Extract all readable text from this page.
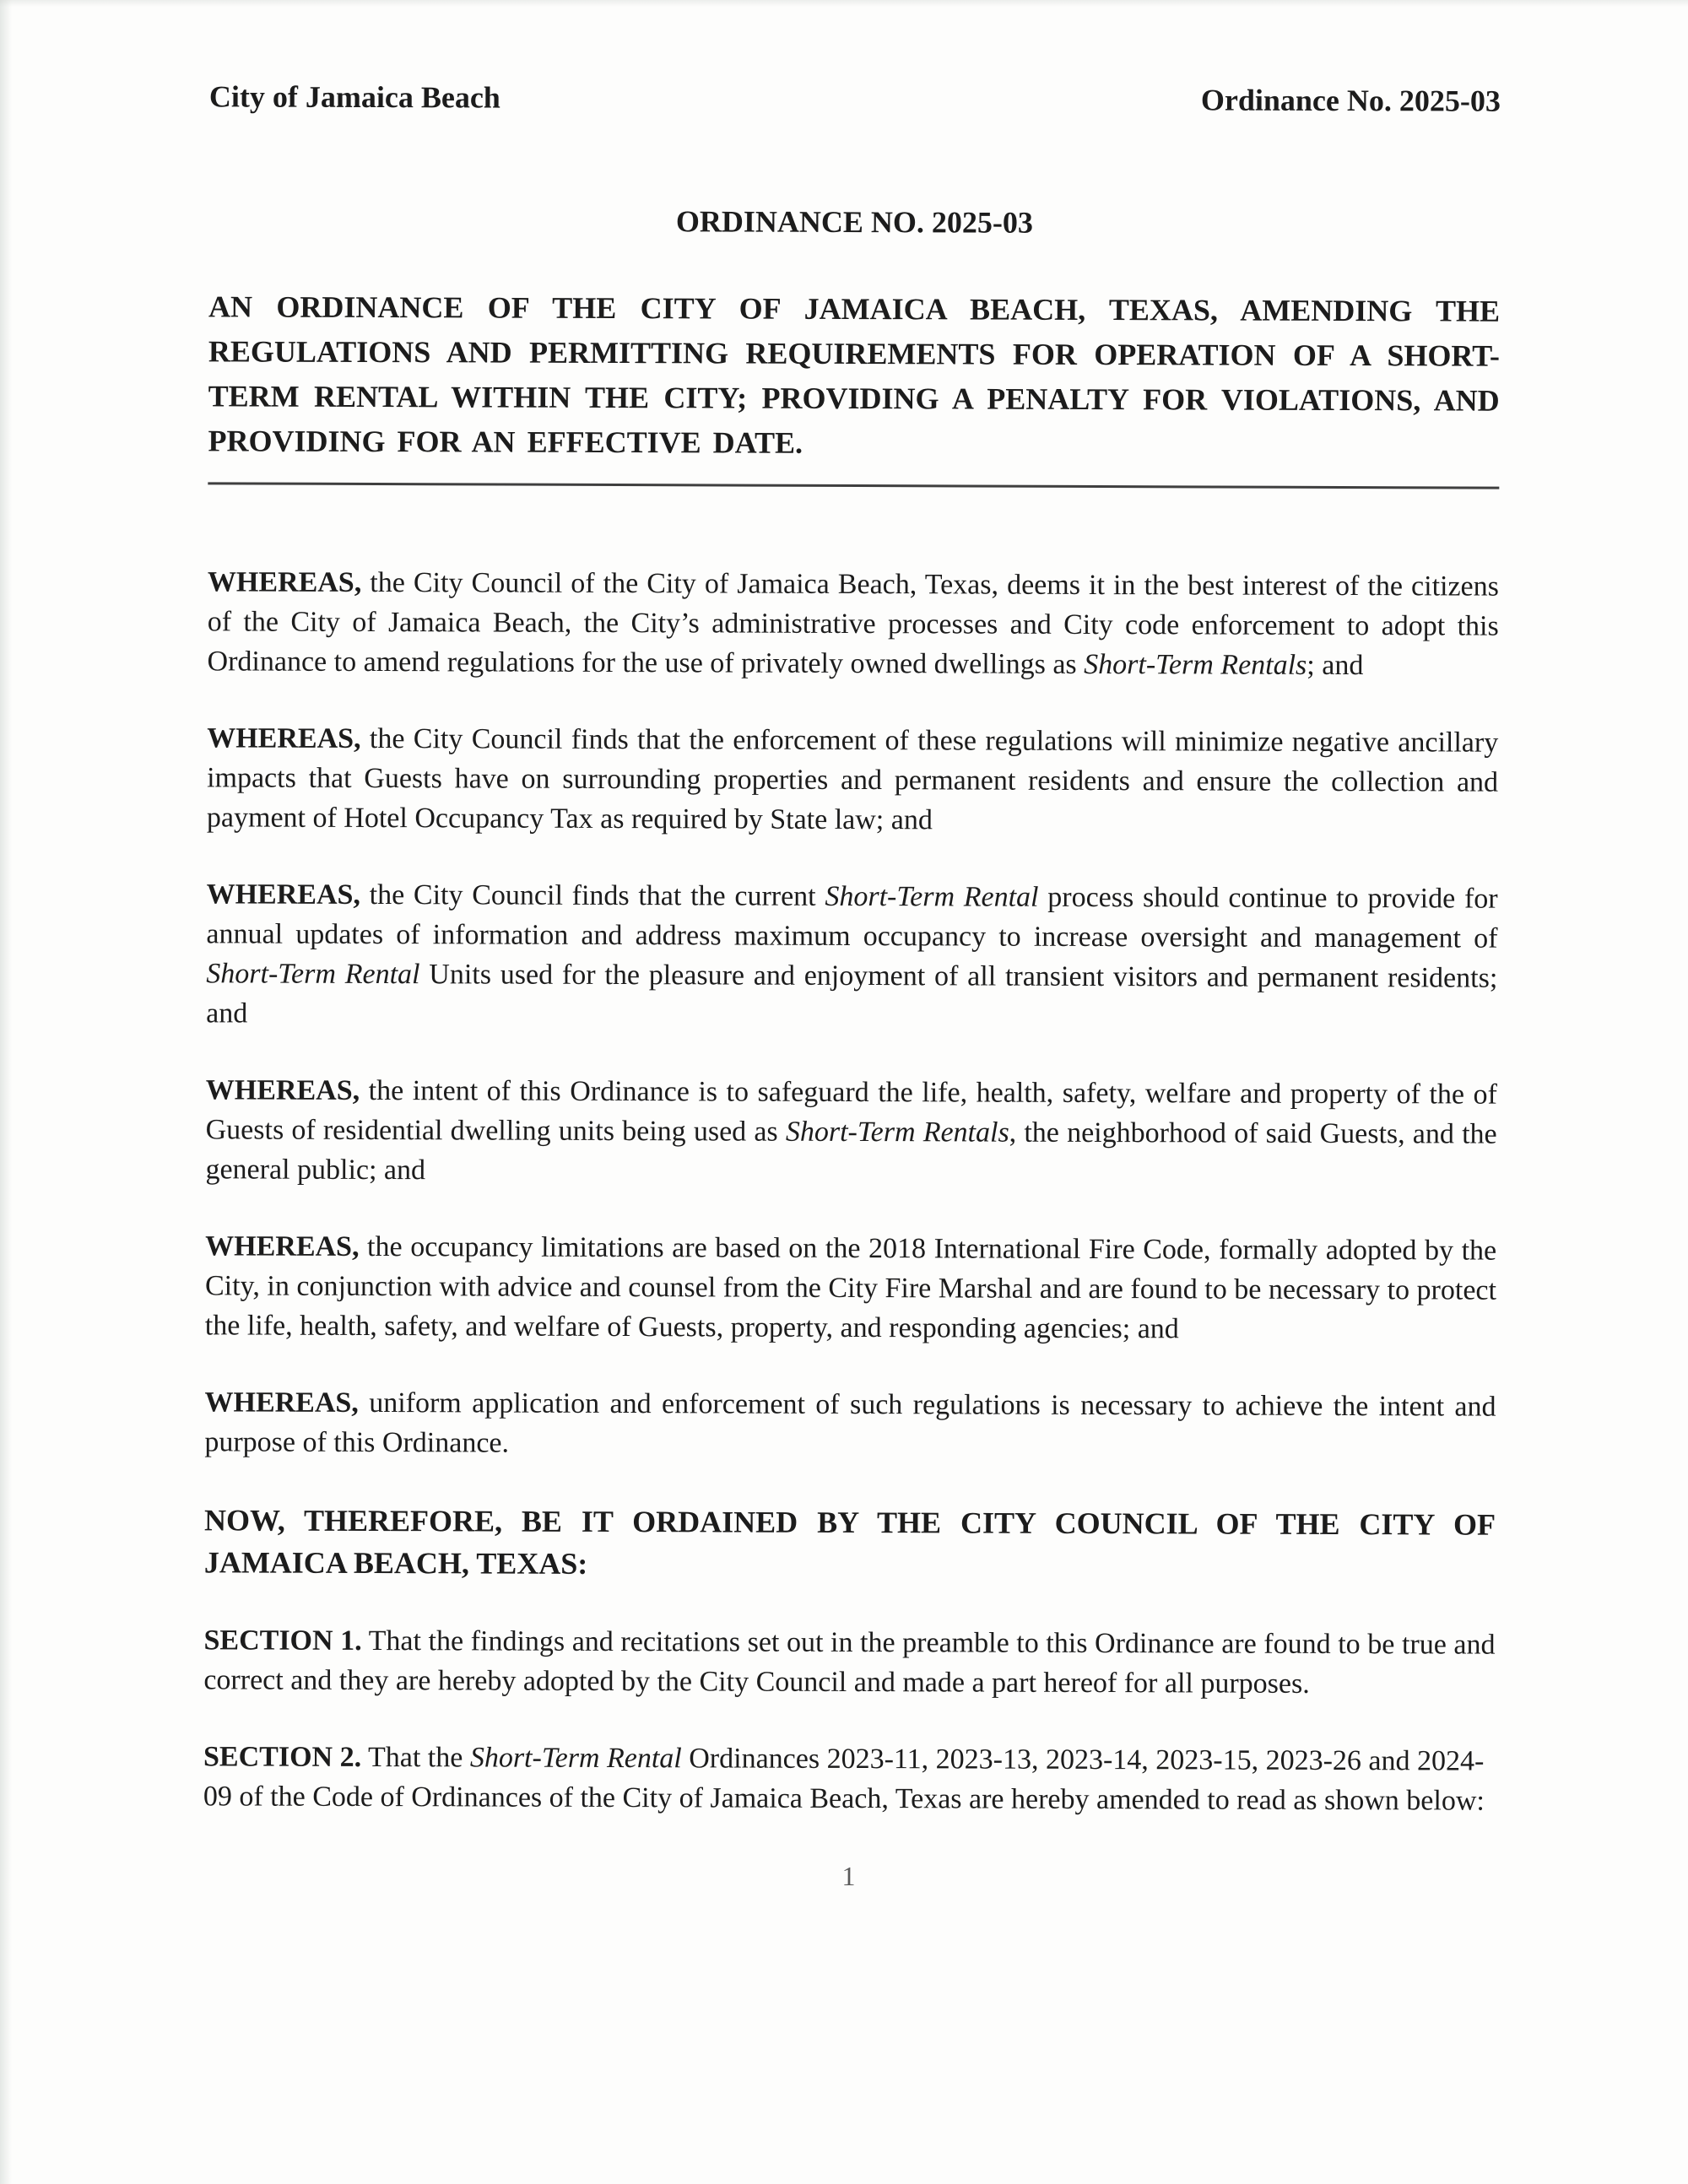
City of Jamaica Beach	Ordinance No. 2025-03
ORDINANCE NO. 2025-03
AN ORDINANCE OF THE CITY OF JAMAICA BEACH, TEXAS, AMENDING THE REGULATIONS AND PERMITTING REQUIREMENTS FOR OPERATION OF A SHORT-TERM RENTAL WITHIN THE CITY; PROVIDING A PENALTY FOR VIOLATIONS, AND PROVIDING FOR AN EFFECTIVE DATE.

WHEREAS, the City Council of the City of Jamaica Beach, Texas, deems it in the best interest of the citizens of the City of Jamaica Beach, the City’s administrative processes and City code enforcement to adopt this Ordinance to amend regulations for the use of privately owned dwellings as Short-Term Rentals; and

WHEREAS, the City Council finds that the enforcement of these regulations will minimize negative ancillary impacts that Guests have on surrounding properties and permanent residents and ensure the collection and payment of Hotel Occupancy Tax as required by State law; and

WHEREAS, the City Council finds that the current Short-Term Rental process should continue to provide for annual updates of information and address maximum occupancy to increase oversight and management of Short-Term Rental Units used for the pleasure and enjoyment of all transient visitors and permanent residents; and

WHEREAS, the intent of this Ordinance is to safeguard the life, health, safety, welfare and property of the of Guests of residential dwelling units being used as Short-Term Rentals, the neighborhood of said Guests, and the general public; and

WHEREAS, the occupancy limitations are based on the 2018 International Fire Code, formally adopted by the City, in conjunction with advice and counsel from the City Fire Marshal and are found to be necessary to protect the life, health, safety, and welfare of Guests, property, and responding agencies; and

WHEREAS, uniform application and enforcement of such regulations is necessary to achieve the intent and purpose of this Ordinance.

NOW, THEREFORE, BE IT ORDAINED BY THE CITY COUNCIL OF THE CITY OF JAMAICA BEACH, TEXAS:

SECTION 1. That the findings and recitations set out in the preamble to this Ordinance are found to be true and correct and they are hereby adopted by the City Council and made a part hereof for all purposes.

SECTION 2. That the Short-Term Rental Ordinances 2023-11, 2023-13, 2023-14, 2023-15, 2023-26 and 2024-09 of the Code of Ordinances of the City of Jamaica Beach, Texas are hereby amended to read as shown below:

1
